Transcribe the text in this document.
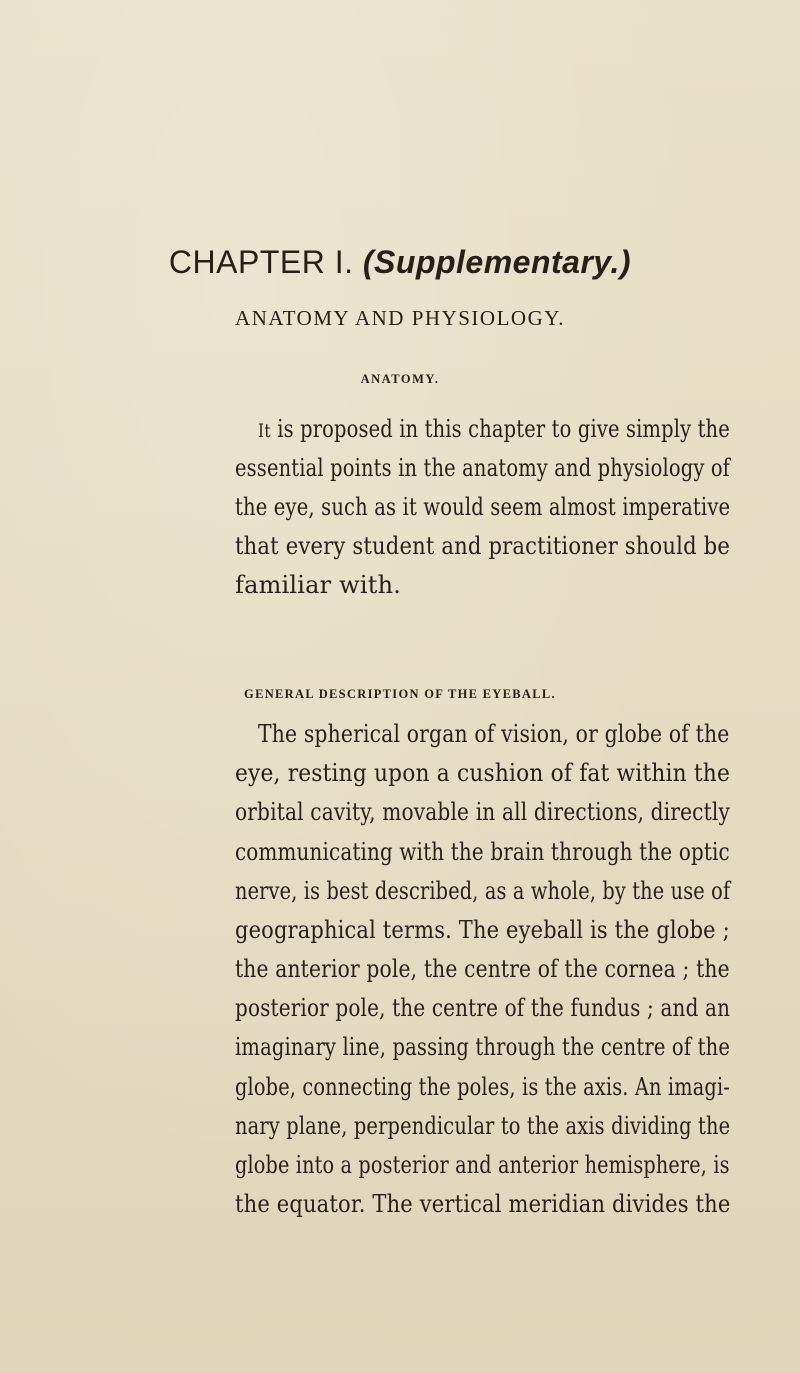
CHAPTER I. (Supplementary.)
ANATOMY AND PHYSIOLOGY.
ANATOMY.
It is proposed in this chapter to give simply the
essential points in the anatomy and physiology of
the eye, such as it would seem almost imperative
that every student and practitioner should be
familiar with.
GENERAL DESCRIPTION OF THE EYEBALL.
The spherical organ of vision, or globe of the
eye, resting upon a cushion of fat within the
orbital cavity, movable in all directions, directly
communicating with the brain through the optic
nerve, is best described, as a whole, by the use of
geographical terms. The eyeball is the globe ;
the anterior pole, the centre of the cornea ; the
posterior pole, the centre of the fundus ; and an
imaginary line, passing through the centre of the
globe, connecting the poles, is the axis. An imagi-
nary plane, perpendicular to the axis dividing the
globe into a posterior and anterior hemisphere, is
the equator. The vertical meridian divides the
